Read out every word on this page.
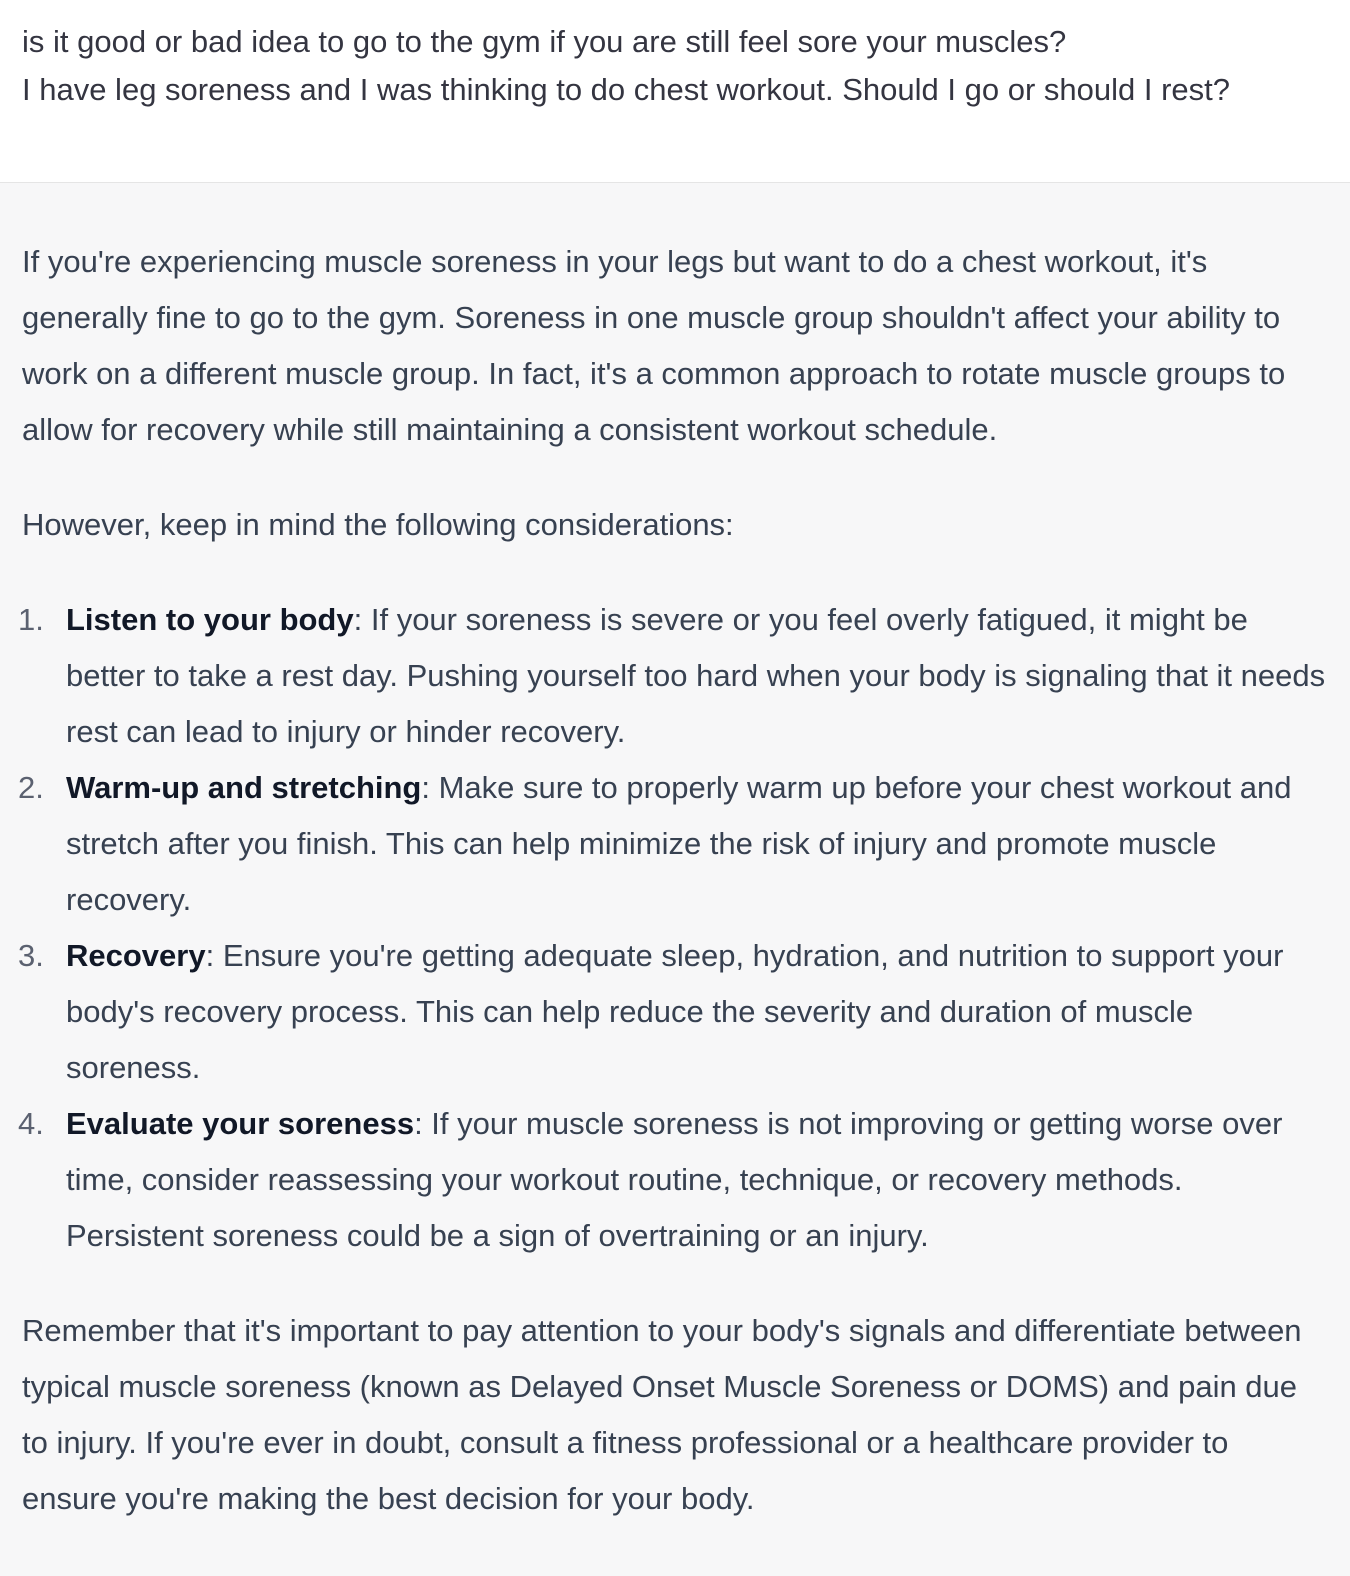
is it good or bad idea to go to the gym if you are still feel sore your muscles?
I have leg soreness and I was thinking to do chest workout. Should I go or should I rest?

If you're experiencing muscle soreness in your legs but want to do a chest workout, it's generally fine to go to the gym. Soreness in one muscle group shouldn't affect your ability to work on a different muscle group. In fact, it's a common approach to rotate muscle groups to allow for recovery while still maintaining a consistent workout schedule.

However, keep in mind the following considerations:

1. Listen to your body: If your soreness is severe or you feel overly fatigued, it might be better to take a rest day. Pushing yourself too hard when your body is signaling that it needs rest can lead to injury or hinder recovery.
2. Warm-up and stretching: Make sure to properly warm up before your chest workout and stretch after you finish. This can help minimize the risk of injury and promote muscle recovery.
3. Recovery: Ensure you're getting adequate sleep, hydration, and nutrition to support your body's recovery process. This can help reduce the severity and duration of muscle soreness.
4. Evaluate your soreness: If your muscle soreness is not improving or getting worse over time, consider reassessing your workout routine, technique, or recovery methods. Persistent soreness could be a sign of overtraining or an injury.

Remember that it's important to pay attention to your body's signals and differentiate between typical muscle soreness (known as Delayed Onset Muscle Soreness or DOMS) and pain due to injury. If you're ever in doubt, consult a fitness professional or a healthcare provider to ensure you're making the best decision for your body.
